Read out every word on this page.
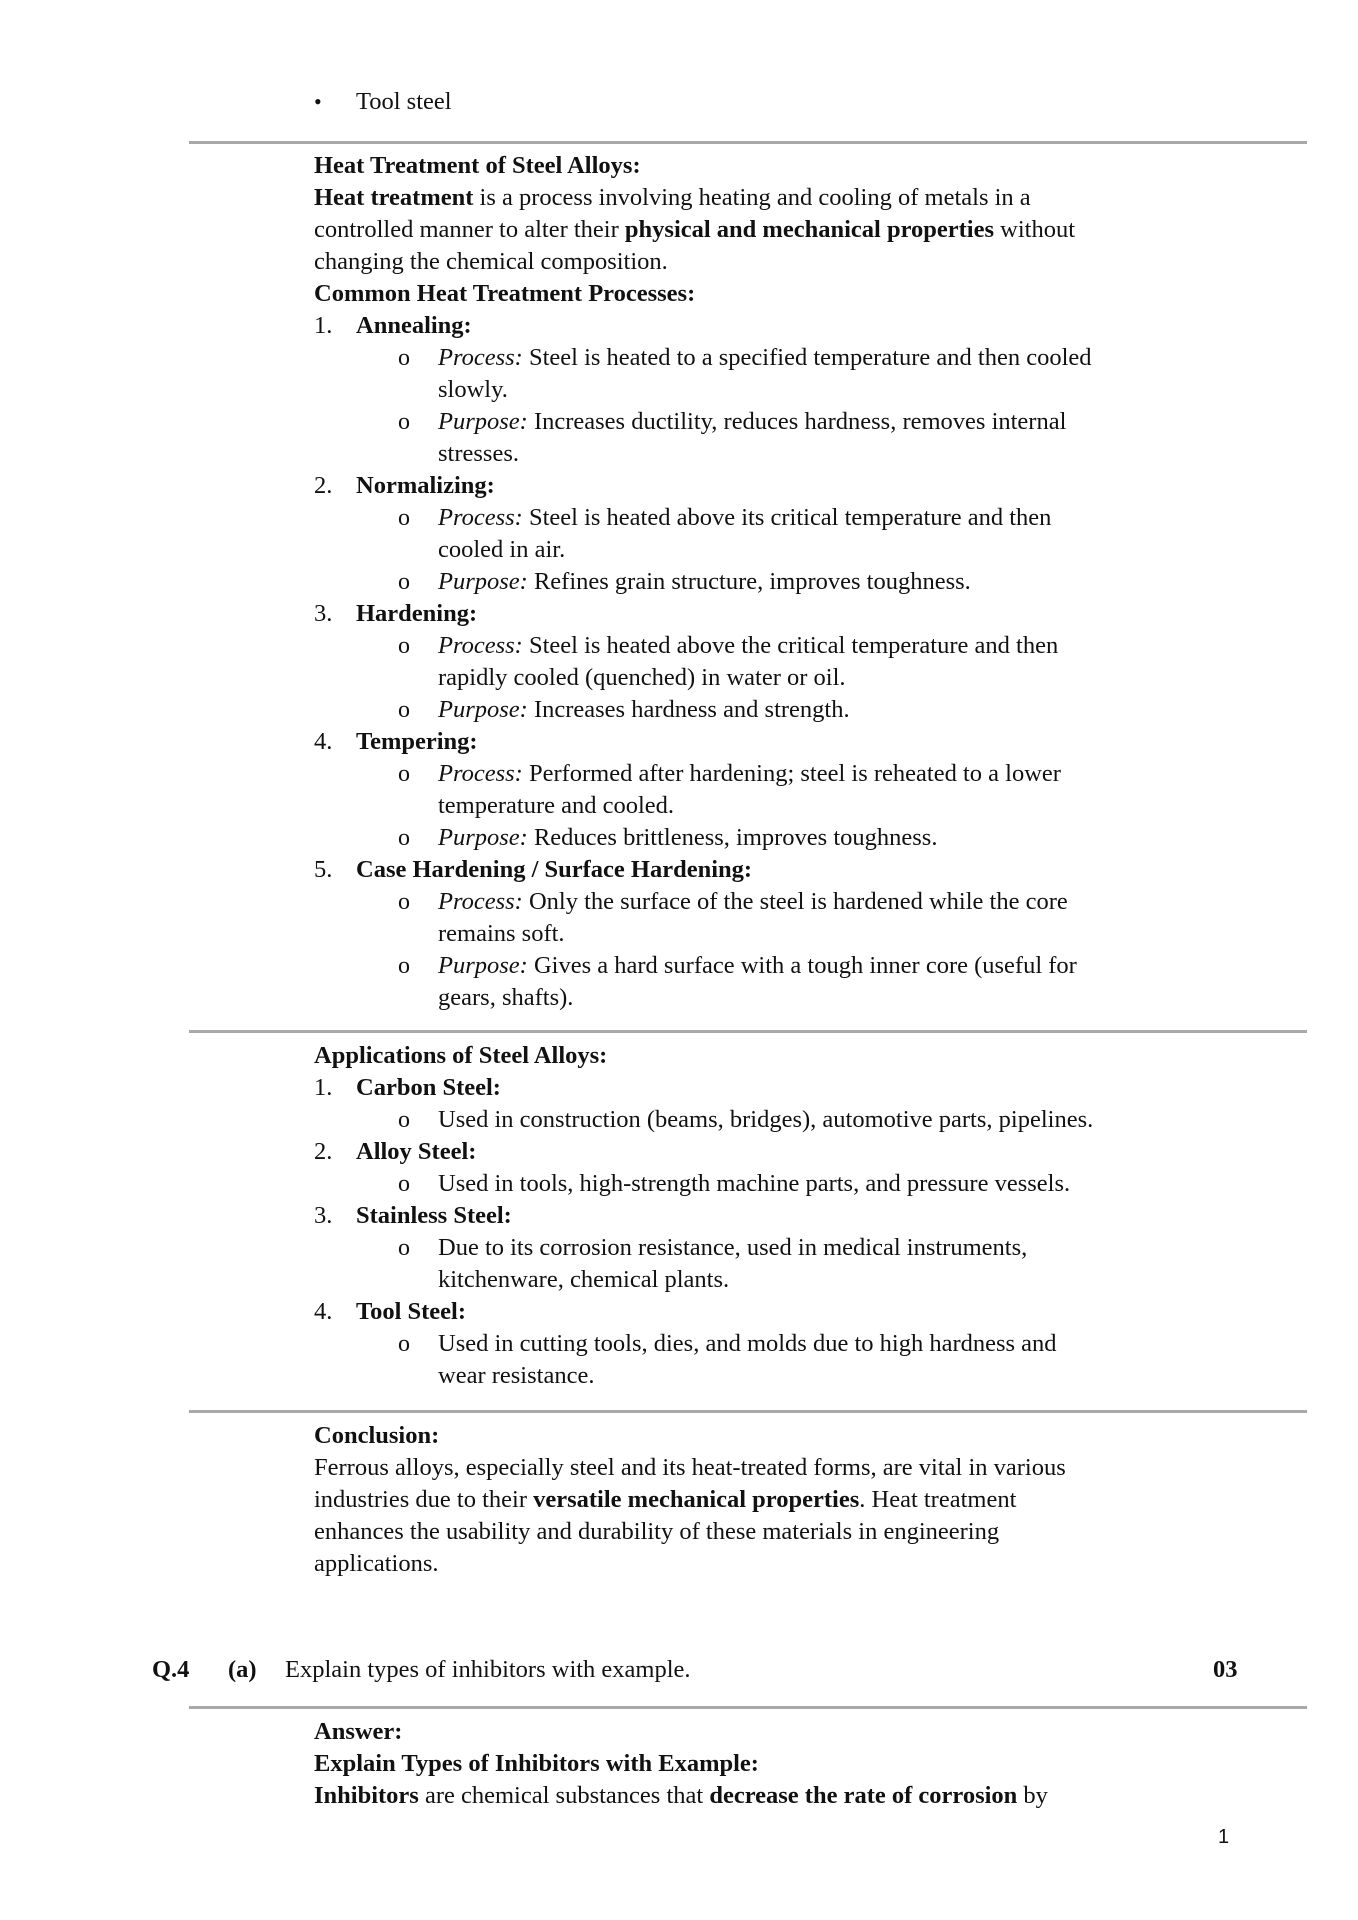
• Tool steel
Heat Treatment of Steel Alloys:
Heat treatment is a process involving heating and cooling of metals in a
controlled manner to alter their physical and mechanical properties without
changing the chemical composition.
Common Heat Treatment Processes:
1. Annealing:
o Process: Steel is heated to a specified temperature and then cooled
slowly.
o Purpose: Increases ductility, reduces hardness, removes internal
stresses.
2. Normalizing:
o Process: Steel is heated above its critical temperature and then
cooled in air.
o Purpose: Refines grain structure, improves toughness.
3. Hardening:
o Process: Steel is heated above the critical temperature and then
rapidly cooled (quenched) in water or oil.
o Purpose: Increases hardness and strength.
4. Tempering:
o Process: Performed after hardening; steel is reheated to a lower
temperature and cooled.
o Purpose: Reduces brittleness, improves toughness.
5. Case Hardening / Surface Hardening:
o Process: Only the surface of the steel is hardened while the core
remains soft.
o Purpose: Gives a hard surface with a tough inner core (useful for
gears, shafts).
Applications of Steel Alloys:
1. Carbon Steel:
o Used in construction (beams, bridges), automotive parts, pipelines.
2. Alloy Steel:
o Used in tools, high-strength machine parts, and pressure vessels.
3. Stainless Steel:
o Due to its corrosion resistance, used in medical instruments,
kitchenware, chemical plants.
4. Tool Steel:
o Used in cutting tools, dies, and molds due to high hardness and
wear resistance.
Conclusion:
Ferrous alloys, especially steel and its heat-treated forms, are vital in various
industries due to their versatile mechanical properties. Heat treatment
enhances the usability and durability of these materials in engineering
applications.
Q.4 (a) Explain types of inhibitors with example.	03
Answer:
Explain Types of Inhibitors with Example:
Inhibitors are chemical substances that decrease the rate of corrosion by
1
